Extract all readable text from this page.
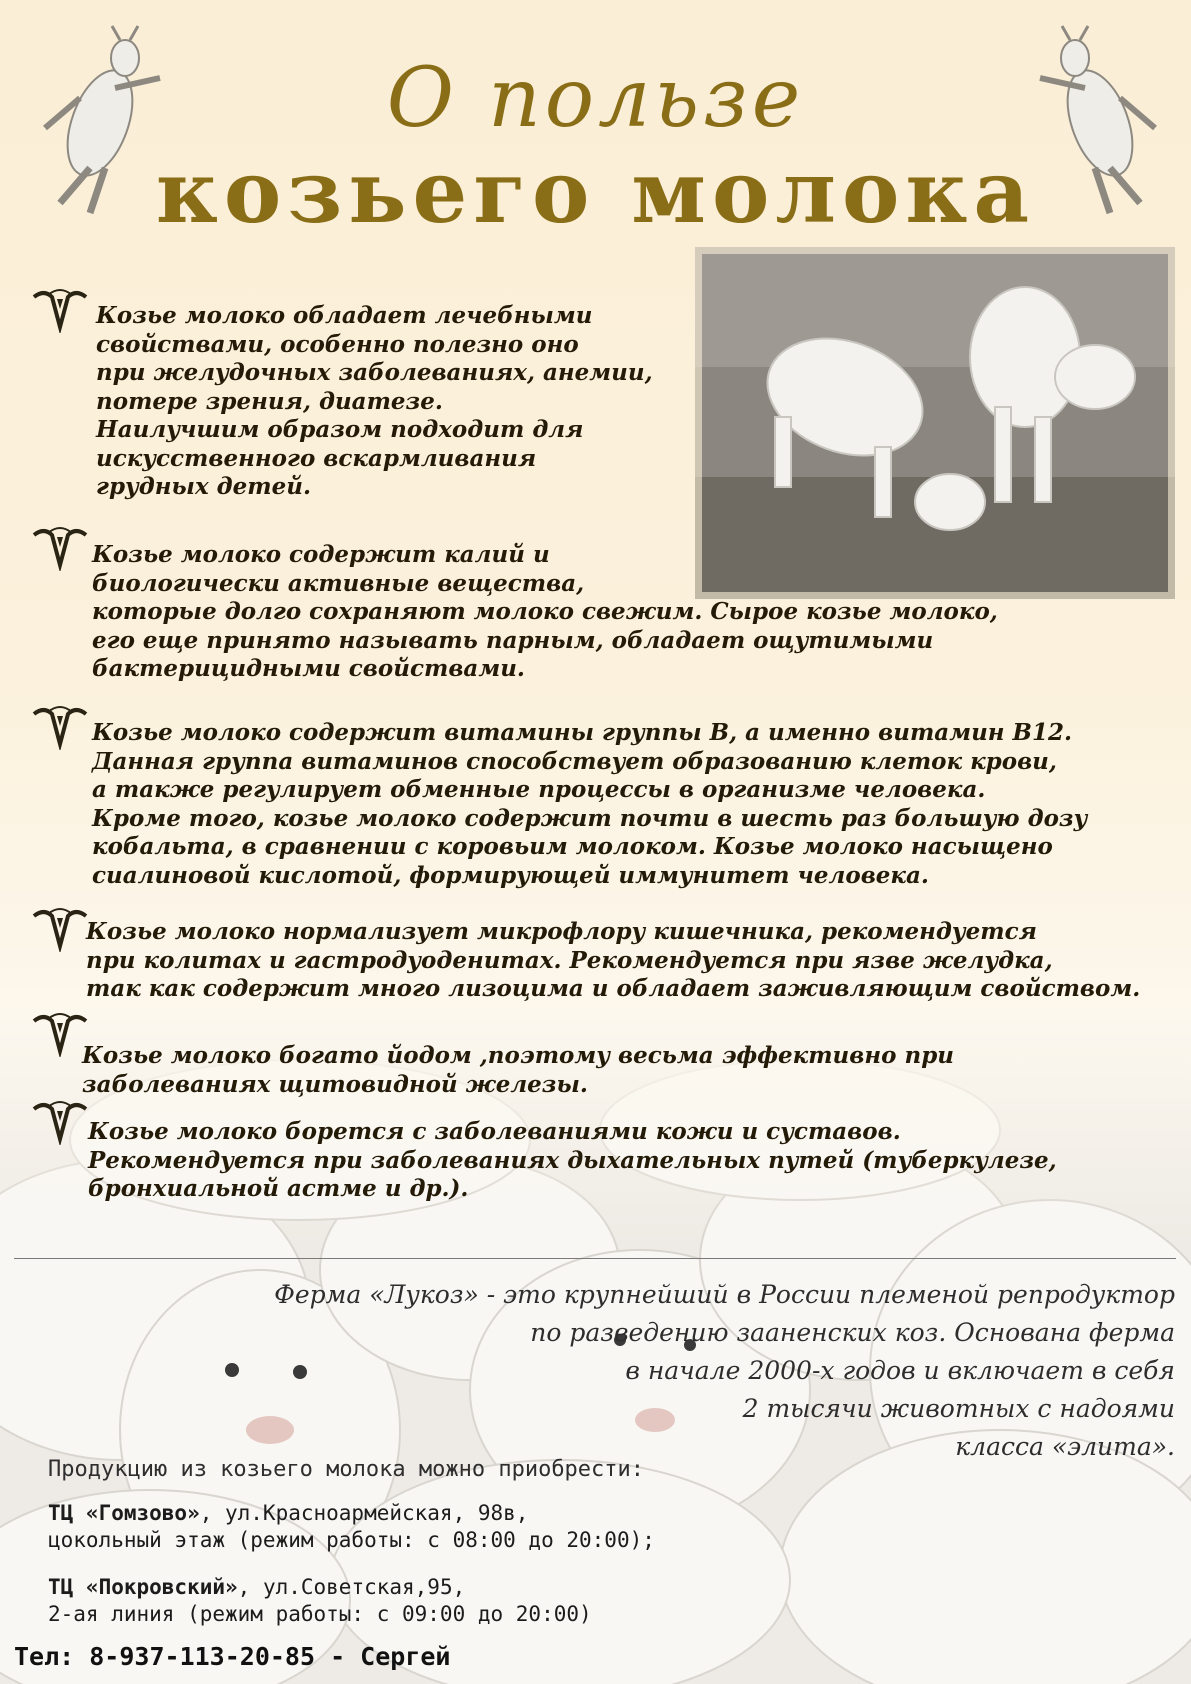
О пользе
козьего молока
Козье молоко обладает лечебными
свойствами, особенно полезно оно
при желудочных заболеваниях, анемии,
потере зрения, диатезе.
Наилучшим образом подходит для
искусственного вскармливания
грудных детей.
Козье молоко содержит калий и
биологически активные вещества,
которые долго сохраняют молоко свежим. Сырое козье молоко,
его еще принято называть парным, обладает ощутимыми
бактерицидными свойствами.
Козье молоко содержит витамины группы В, а именно витамин В12.
Данная группа витаминов способствует образованию клеток крови,
а также регулирует обменные процессы в организме человека.
Кроме того, козье молоко содержит почти в шесть раз большую дозу
кобальта, в сравнении с коровьим молоком. Козье молоко насыщено
сиалиновой кислотой, формирующей иммунитет человека.
Козье молоко нормализует микрофлору кишечника, рекомендуется
при колитах и гастродуоденитах. Рекомендуется при язве желудка,
так как содержит много лизоцима и обладает заживляющим свойством.
Козье молоко богато йодом ,поэтому весьма эффективно при
заболеваниях щитовидной железы.
Козье молоко борется с заболеваниями кожи и суставов.
Рекомендуется при заболеваниях дыхательных путей (туберкулезе,
бронхиальной астме и др.).
Ферма «Лукоз» - это крупнейший в России племеной репродуктор
по разведению зааненских коз. Основана ферма
в начале 2000-х годов и включает в себя
2 тысячи животных с надоями
класса «элита».
Продукцию из козьего молока можно приобрести:
ТЦ «Гомзово», ул.Красноармейская, 98в,
цокольный этаж (режим работы: с 08:00 до 20:00);
ТЦ «Покровский», ул.Советская,95,
2-ая линия (режим работы: с 09:00 до 20:00)
Тел: 8-937-113-20-85 - Сергей
